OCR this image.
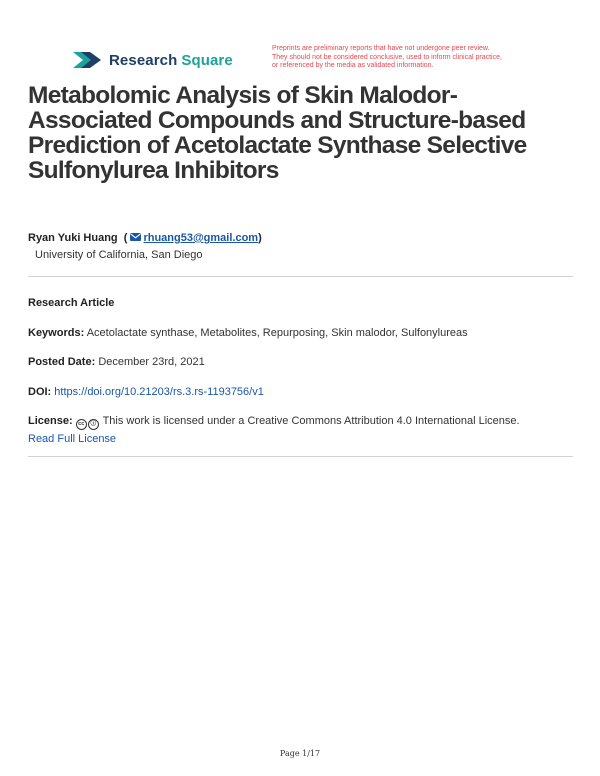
Research Square
Preprints are preliminary reports that have not undergone peer review.
They should not be considered conclusive, used to inform clinical practice,
or referenced by the media as validated information.
Metabolomic Analysis of Skin Malodor-Associated Compounds and Structure-based Prediction of Acetolactate Synthase Selective Sulfonylurea Inhibitors
Ryan Yuki Huang  ( rhuang53@gmail.com)
University of California, San Diego
Research Article
Keywords: Acetolactate synthase, Metabolites, Repurposing, Skin malodor, Sulfonylureas
Posted Date: December 23rd, 2021
DOI: https://doi.org/10.21203/rs.3.rs-1193756/v1
License: cc ⓘ This work is licensed under a Creative Commons Attribution 4.0 International License.
Read Full License
Page 1/17
